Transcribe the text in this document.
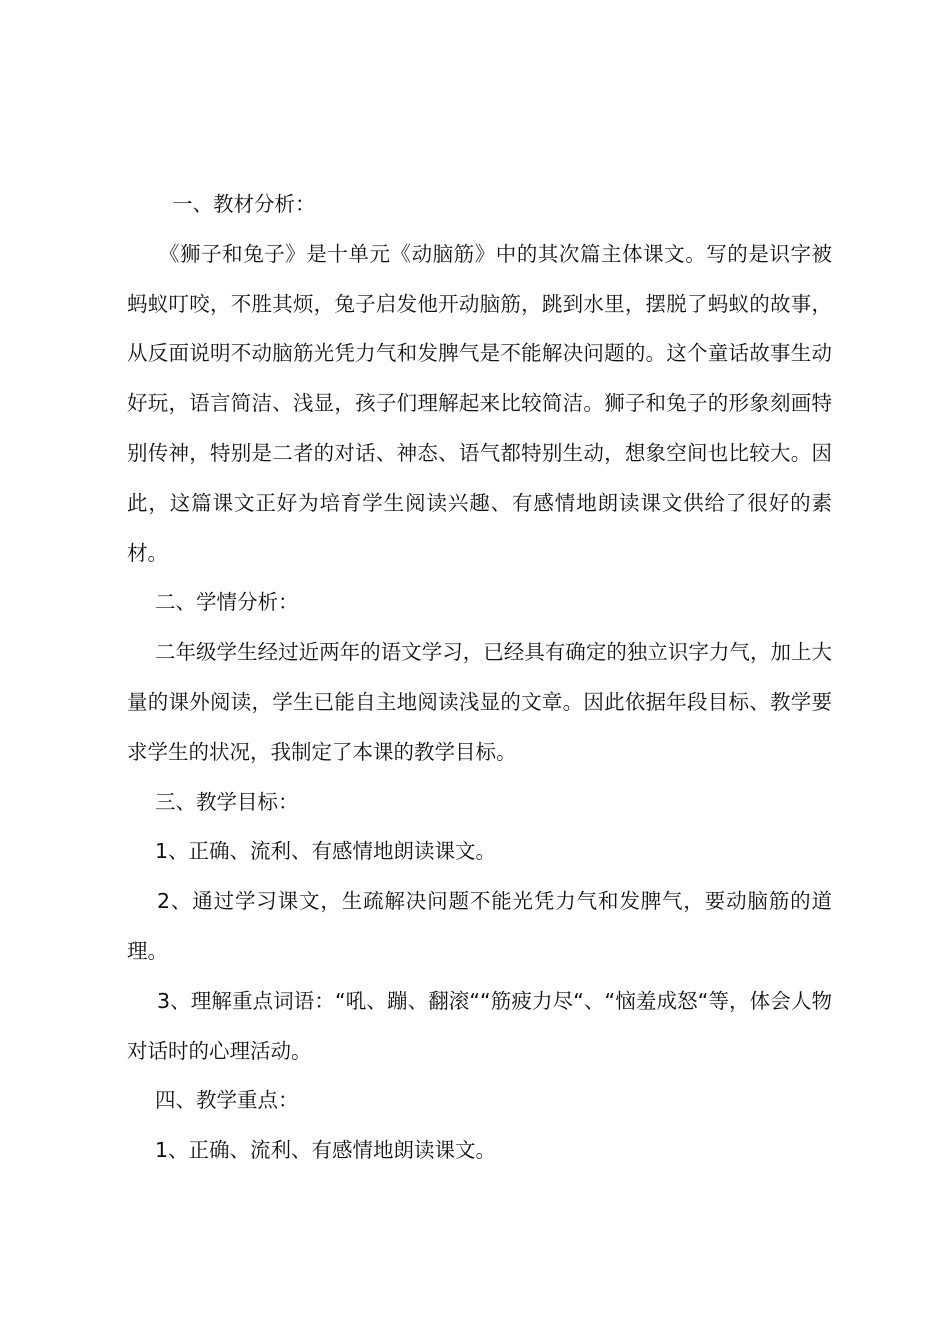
一、教材分析：

《狮子和兔子》是十单元《动脑筋》中的其次篇主体课文。写的是识字被蚂蚁叮咬，不胜其烦，兔子启发他开动脑筋，跳到水里，摆脱了蚂蚁的故事，从反面说明不动脑筋光凭力气和发脾气是不能解决问题的。这个童话故事生动好玩，语言简洁、浅显，孩子们理解起来比较简洁。狮子和兔子的形象刻画特别传神，特别是二者的对话、神态、语气都特别生动，想象空间也比较大。因此，这篇课文正好为培育学生阅读兴趣、有感情地朗读课文供给了很好的素材。

二、学情分析：

二年级学生经过近两年的语文学习，已经具有确定的独立识字力气，加上大量的课外阅读，学生已能自主地阅读浅显的文章。因此依据年段目标、教学要求学生的状况，我制定了本课的教学目标。

三、教学目标：

1、正确、流利、有感情地朗读课文。

2、通过学习课文，生疏解决问题不能光凭力气和发脾气，要动脑筋的道理。

3、理解重点词语：“吼、蹦、翻滚““筋疲力尽“、“恼羞成怒“等，体会人物对话时的心理活动。

四、教学重点：

1、正确、流利、有感情地朗读课文。
